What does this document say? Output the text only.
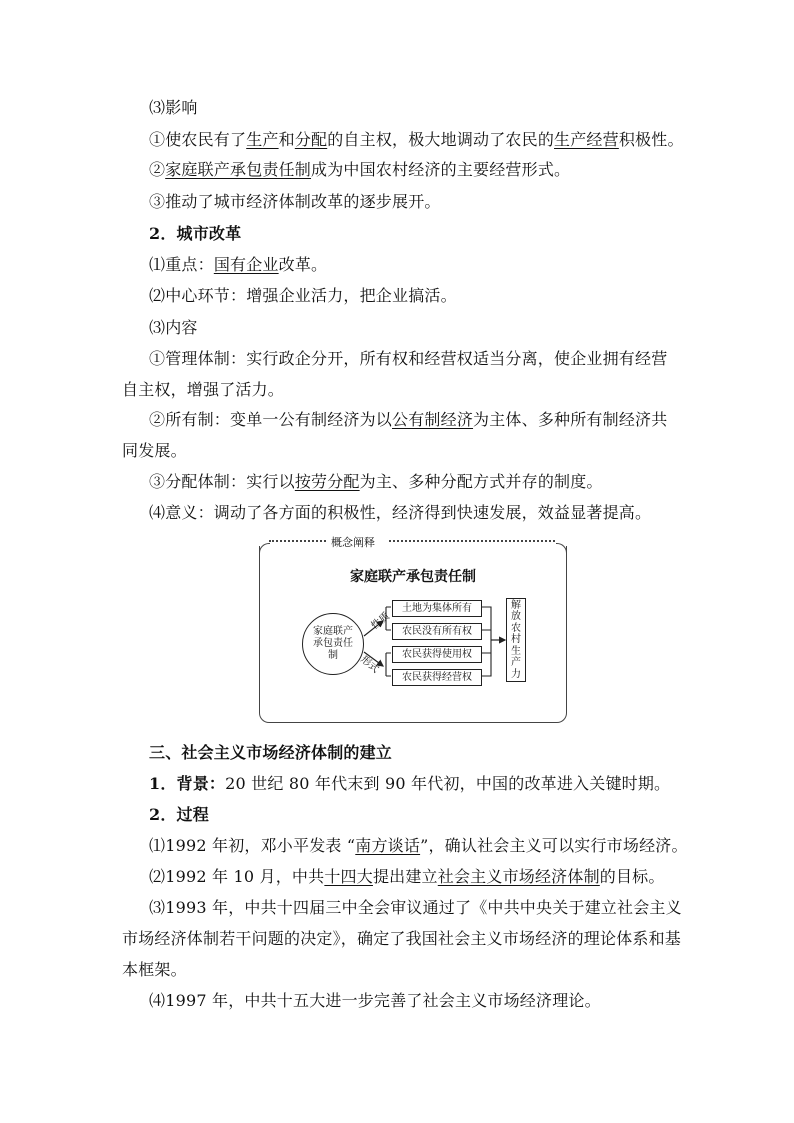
⑶影响
①使农民有了生产和分配的自主权，极大地调动了农民的生产经营积极性。
②家庭联产承包责任制成为中国农村经济的主要经营形式。
③推动了城市经济体制改革的逐步展开。
2．城市改革
⑴重点：国有企业改革。
⑵中心环节：增强企业活力，把企业搞活。
⑶内容
①管理体制：实行政企分开，所有权和经营权适当分离，使企业拥有经营
自主权，增强了活力。
②所有制：变单一公有制经济为以公有制经济为主体、多种所有制经济共
同发展。
③分配体制：实行以按劳分配为主、多种分配方式并存的制度。
⑷意义：调动了各方面的积极性，经济得到快速发展，效益显著提高。
三、社会主义市场经济体制的建立
1．背景：20 世纪 80 年代末到 90 年代初，中国的改革进入关键时期。
2．过程
⑴1992 年初，邓小平发表 “南方谈话”，确认社会主义可以实行市场经济。
⑵1992 年 10 月，中共十四大提出建立社会主义市场经济体制的目标。
⑶1993 年，中共十四届三中全会审议通过了《中共中央关于建立社会主义
市场经济体制若干问题的决定》，确定了我国社会主义市场经济的理论体系和基
本框架。
⑷1997 年，中共十五大进一步完善了社会主义市场经济理论。
概念阐释
家庭联产承包责任制
家庭联产
承包责任
制
性质
形式
土地为集体所有
农民没有所有权
农民获得使用权
农民获得经营权
解
放
农
村
生
产
力
